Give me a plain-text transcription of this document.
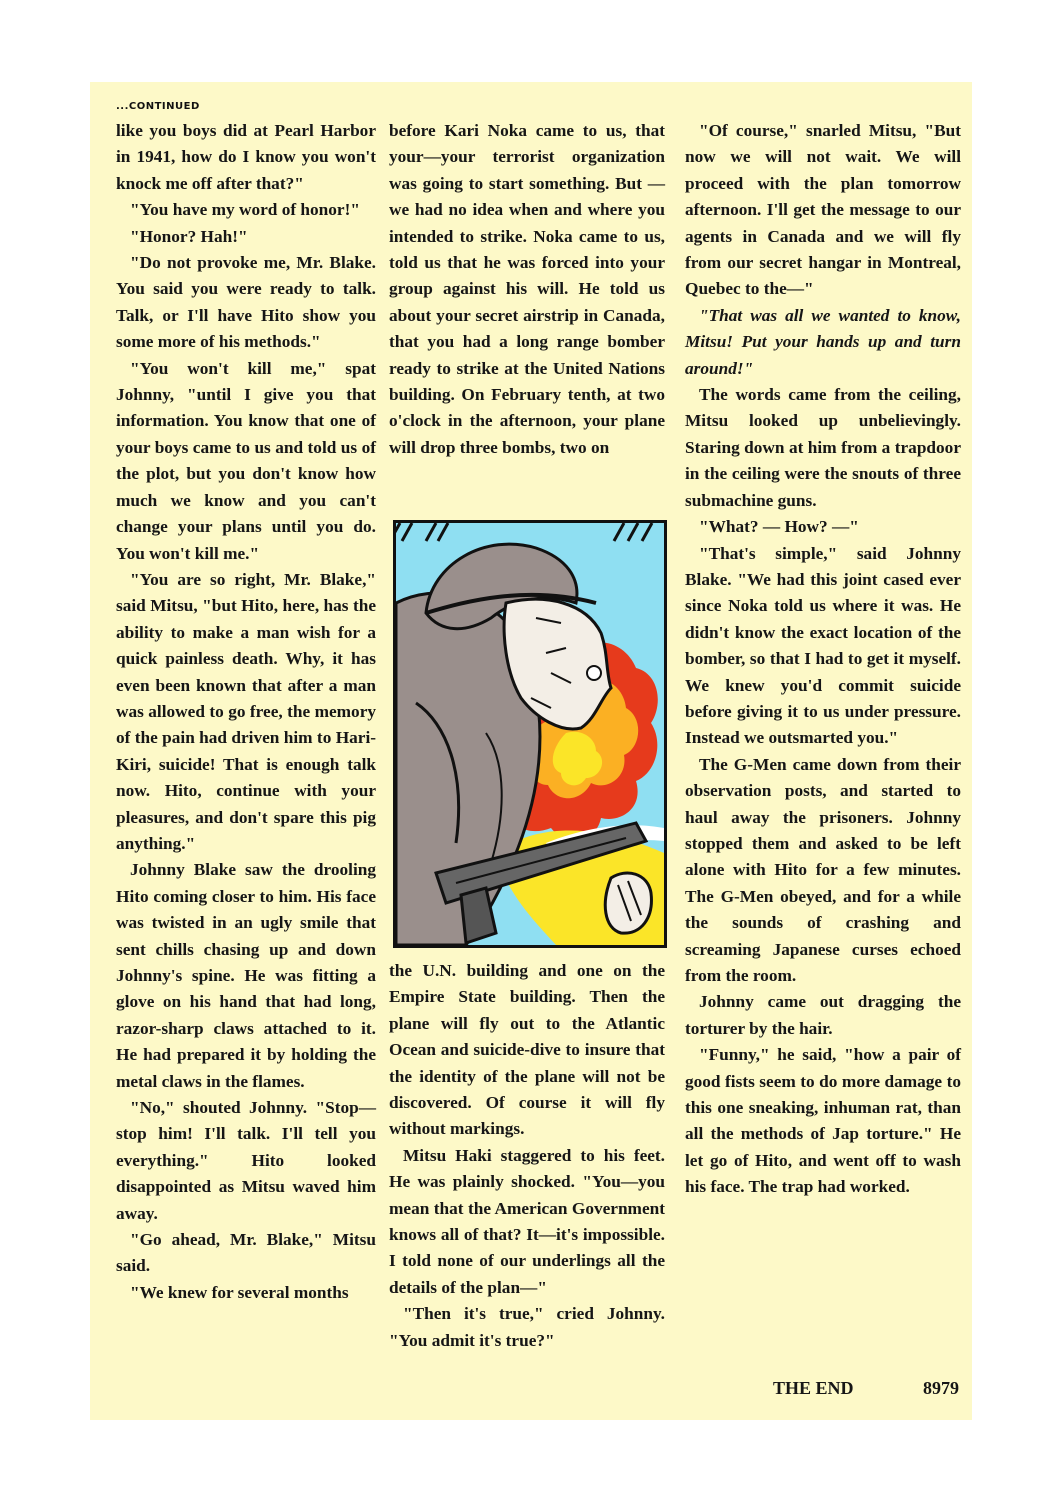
...CONTINUED

like you boys did at Pearl Harbor in 1941, how do I know you won't knock me off after that?"

"You have my word of honor!"

"Honor? Hah!"

"Do not provoke me, Mr. Blake. You said you were ready to talk. Talk, or I'll have Hito show you some more of his methods."

"You won't kill me," spat Johnny, "until I give you that information. You know that one of your boys came to us and told us of the plot, but you don't know how much we know and you can't change your plans until you do. You won't kill me."

"You are so right, Mr. Blake," said Mitsu, "but Hito, here, has the ability to make a man wish for a quick painless death. Why, it has even been known that after a man was allowed to go free, the memory of the pain had driven him to Hari-Kiri, suicide! That is enough talk now. Hito, continue with your pleasures, and don't spare this pig anything."

Johnny Blake saw the drooling Hito coming closer to him. His face was twisted in an ugly smile that sent chills chasing up and down Johnny's spine. He was fitting a glove on his hand that had long, razor-sharp claws attached to it. He had prepared it by holding the metal claws in the flames.

"No," shouted Johnny. "Stop—stop him! I'll talk. I'll tell you everything." Hito looked disappointed as Mitsu waved him away.

"Go ahead, Mr. Blake," Mitsu said.

"We knew for several months

before Kari Noka came to us, that your—your terrorist organization was going to start something. But — we had no idea when and where you intended to strike. Noka came to us, told us that he was forced into your group against his will. He told us about your secret airstrip in Canada, that you had a long range bomber ready to strike at the United Nations building. On February tenth, at two o'clock in the afternoon, your plane will drop three bombs, two on

the U.N. building and one on the Empire State building. Then the plane will fly out to the Atlantic Ocean and suicide-dive to insure that the identity of the plane will not be discovered. Of course it will fly without markings.

Mitsu Haki staggered to his feet. He was plainly shocked. "You—you mean that the American Government knows all of that? It—it's impossible. I told none of our underlings all the details of the plan—"

"Then it's true," cried Johnny. "You admit it's true?"

"Of course," snarled Mitsu, "But now we will not wait. We will proceed with the plan tomorrow afternoon. I'll get the message to our agents in Canada and we will fly from our secret hangar in Montreal, Quebec to the—"

"That was all we wanted to know, Mitsu! Put your hands up and turn around!"

The words came from the ceiling, Mitsu looked up unbelievingly. Staring down at him from a trapdoor in the ceiling were the snouts of three submachine guns.

"What? — How? —"

"That's simple," said Johnny Blake. "We had this joint cased ever since Noka told us where it was. He didn't know the exact location of the bomber, so that I had to get it myself. We knew you'd commit suicide before giving it to us under pressure. Instead we outsmarted you."

The G-Men came down from their observation posts, and started to haul away the prisoners. Johnny stopped them and asked to be left alone with Hito for a few minutes. The G-Men obeyed, and for a while the sounds of crashing and screaming Japanese curses echoed from the room.

Johnny came out dragging the torturer by the hair.

"Funny," he said, "how a pair of good fists seem to do more damage to this one sneaking, inhuman rat, than all the methods of Jap torture." He let go of Hito, and went off to wash his face. The trap had worked.

THE END	8979
